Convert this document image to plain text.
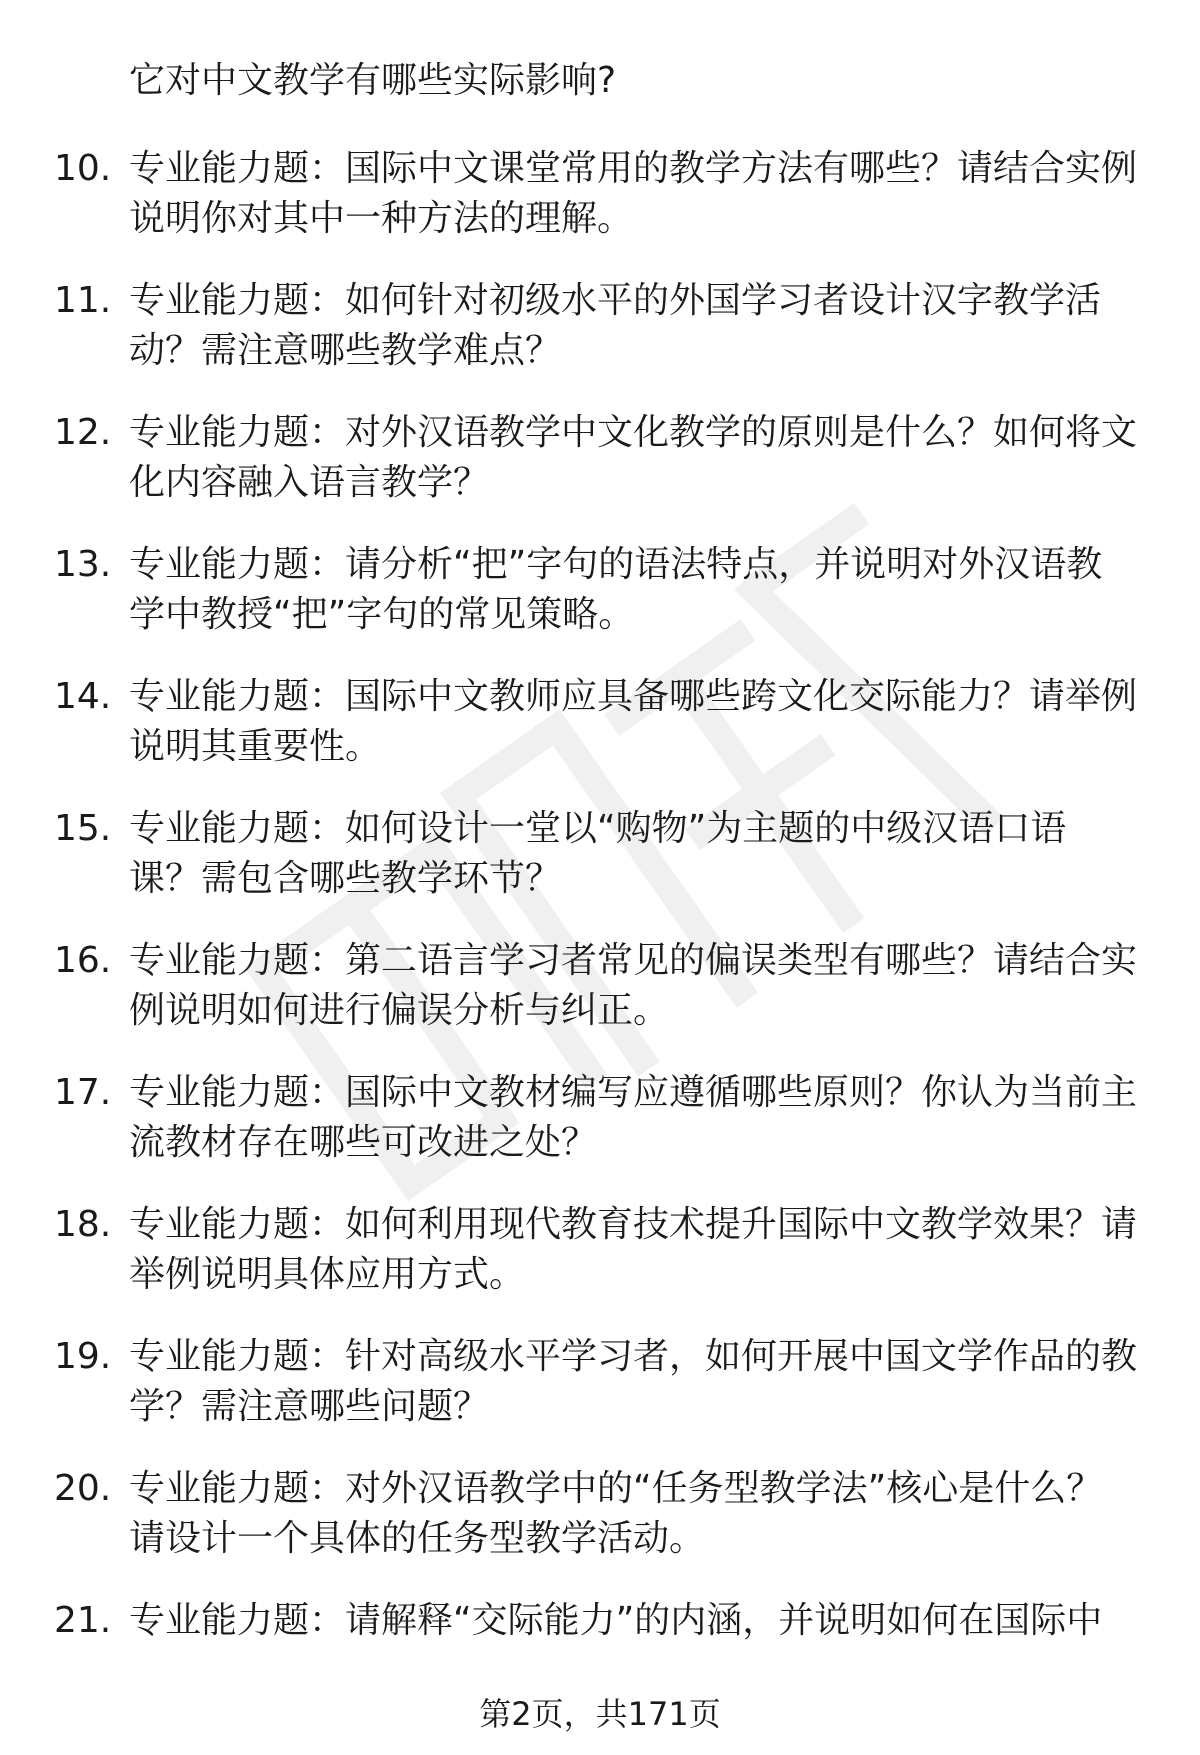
它对中文教学有哪些实际影响?
10. 专业能力题：国际中文课堂常用的教学方法有哪些？请结合实例
说明你对其中一种方法的理解。
11. 专业能力题：如何针对初级水平的外国学习者设计汉字教学活
动？需注意哪些教学难点？
12. 专业能力题：对外汉语教学中文化教学的原则是什么？如何将文
化内容融入语言教学？
13. 专业能力题：请分析“把”字句的语法特点，并说明对外汉语教
学中教授“把”字句的常见策略。
14. 专业能力题：国际中文教师应具备哪些跨文化交际能力？请举例
说明其重要性。
15. 专业能力题：如何设计一堂以“购物”为主题的中级汉语口语
课？需包含哪些教学环节？
16. 专业能力题：第二语言学习者常见的偏误类型有哪些？请结合实
例说明如何进行偏误分析与纠正。
17. 专业能力题：国际中文教材编写应遵循哪些原则？你认为当前主
流教材存在哪些可改进之处？
18. 专业能力题：如何利用现代教育技术提升国际中文教学效果？请
举例说明具体应用方式。
19. 专业能力题：针对高级水平学习者，如何开展中国文学作品的教
学？需注意哪些问题？
20. 专业能力题：对外汉语教学中的“任务型教学法”核心是什么？
请设计一个具体的任务型教学活动。
21. 专业能力题：请解释“交际能力”的内涵，并说明如何在国际中
第2页，共171页
